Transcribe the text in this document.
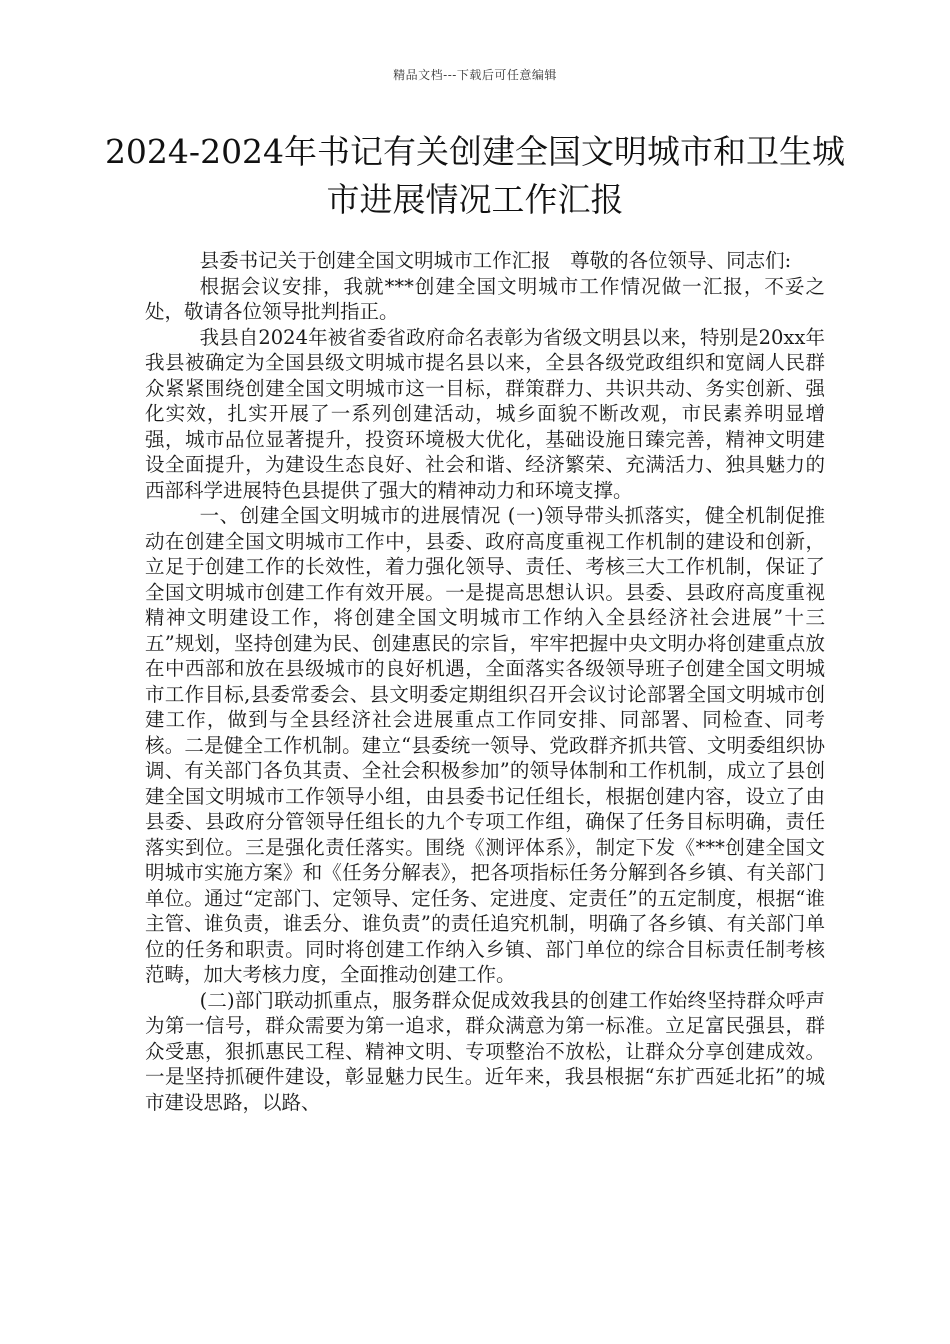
精品文档---下载后可任意编辑
2024-2024年书记有关创建全国文明城市和卫生城市进展情况工作汇报

县委书记关于创建全国文明城市工作汇报　尊敬的各位领导、同志们:

根据会议安排，我就***创建全国文明城市工作情况做一汇报，不妥之处，敬请各位领导批判指正。

我县自2024年被省委省政府命名表彰为省级文明县以来，特别是20xx年我县被确定为全国县级文明城市提名县以来，全县各级党政组织和宽阔人民群众紧紧围绕创建全国文明城市这一目标，群策群力、共识共动、务实创新、强化实效，扎实开展了一系列创建活动，城乡面貌不断改观，市民素养明显增强，城市品位显著提升，投资环境极大优化，基础设施日臻完善，精神文明建设全面提升，为建设生态良好、社会和谐、经济繁荣、充满活力、独具魅力的西部科学进展特色县提供了强大的精神动力和环境支撑。

一、创建全国文明城市的进展情况 (一)领导带头抓落实，健全机制促推动在创建全国文明城市工作中，县委、政府高度重视工作机制的建设和创新，立足于创建工作的长效性，着力强化领导、责任、考核三大工作机制，保证了全国文明城市创建工作有效开展。一是提高思想认识。县委、县政府高度重视精神文明建设工作，将创建全国文明城市工作纳入全县经济社会进展”十三五”规划，坚持创建为民、创建惠民的宗旨，牢牢把握中央文明办将创建重点放在中西部和放在县级城市的良好机遇，全面落实各级领导班子创建全国文明城市工作目标,县委常委会、县文明委定期组织召开会议讨论部署全国文明城市创建工作，做到与全县经济社会进展重点工作同安排、同部署、同检查、同考核。二是健全工作机制。建立“县委统一领导、党政群齐抓共管、文明委组织协调、有关部门各负其责、全社会积极参加”的领导体制和工作机制，成立了县创建全国文明城市工作领导小组，由县委书记任组长，根据创建内容，设立了由县委、县政府分管领导任组长的九个专项工作组，确保了任务目标明确，责任落实到位。三是强化责任落实。围绕《测评体系》，制定下发《***创建全国文明城市实施方案》和《任务分解表》，把各项指标任务分解到各乡镇、有关部门单位。通过“定部门、定领导、定任务、定进度、定责任”的五定制度，根据“谁主管、谁负责，谁丢分、谁负责”的责任追究机制，明确了各乡镇、有关部门单位的任务和职责。同时将创建工作纳入乡镇、部门单位的综合目标责任制考核范畴，加大考核力度，全面推动创建工作。

(二)部门联动抓重点，服务群众促成效我县的创建工作始终坚持群众呼声为第一信号，群众需要为第一追求，群众满意为第一标准。立足富民强县，群众受惠，狠抓惠民工程、精神文明、专项整治不放松，让群众分享创建成效。一是坚持抓硬件建设，彰显魅力民生。近年来，我县根据“东扩西延北拓”的城市建设思路，以路、
